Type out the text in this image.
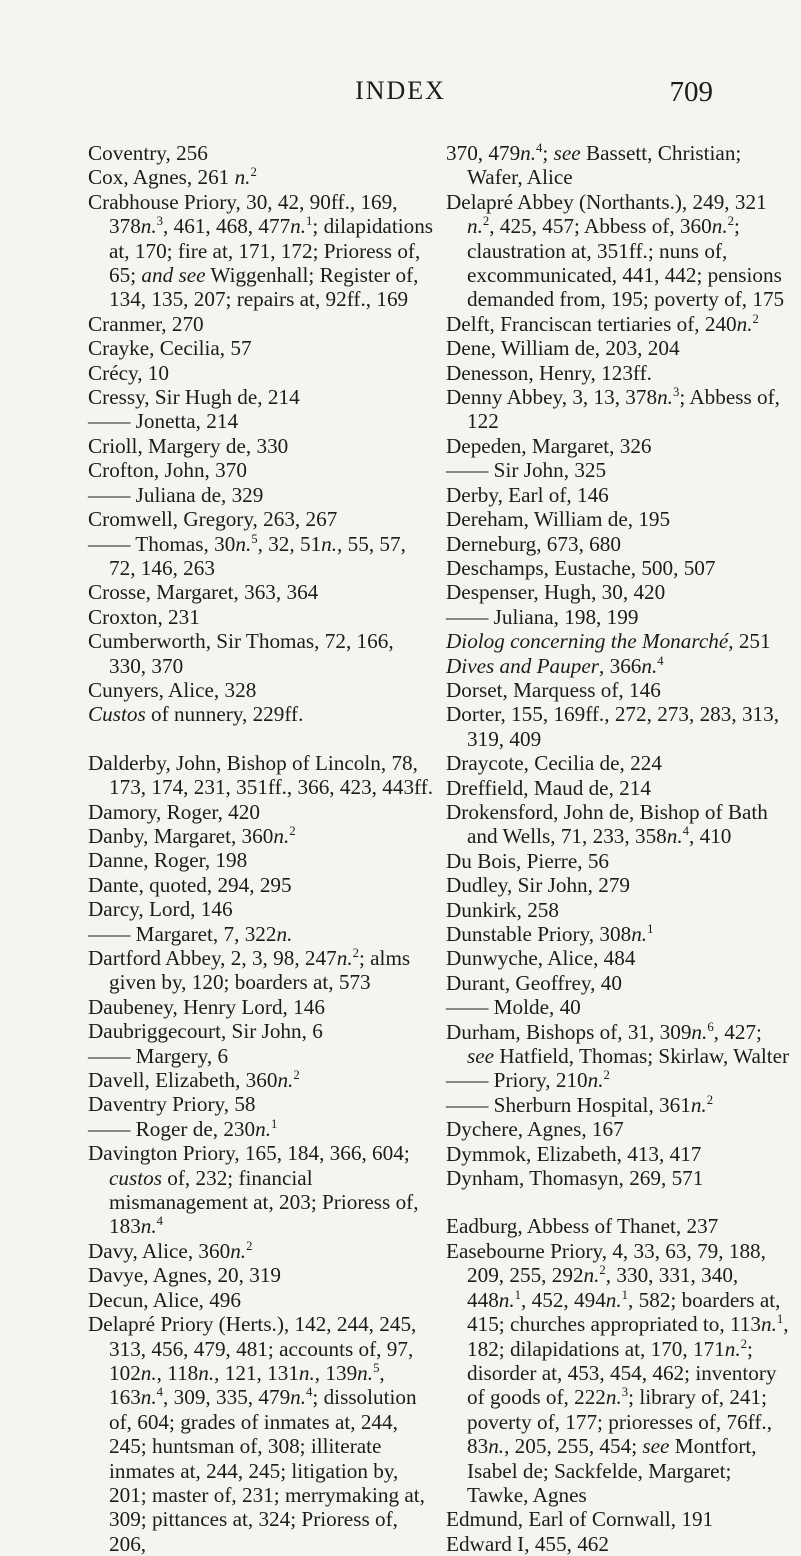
INDEX	709
Coventry, 256
Cox, Agnes, 261 n.$^2$
Crabhouse Priory, 30, 42, 90ff., 169, 378n.$^3$, 461, 468, 477n.$^1$; dilapidations at, 170; fire at, 171, 172; Prioress of, 65; and see Wiggenhall; Register of, 134, 135, 207; repairs at, 92ff., 169
Cranmer, 270
Crayke, Cecilia, 57
Crécy, 10
Cressy, Sir Hugh de, 214
—— Jonetta, 214
Crioll, Margery de, 330
Crofton, John, 370
—— Juliana de, 329
Cromwell, Gregory, 263, 267
—— Thomas, 30n.$^5$, 32, 51n., 55, 57, 72, 146, 263
Crosse, Margaret, 363, 364
Croxton, 231
Cumberworth, Sir Thomas, 72, 166, 330, 370
Cunyers, Alice, 328
Custos of nunnery, 229ff.
Dalderby, John, Bishop of Lincoln, 78, 173, 174, 231, 351ff., 366, 423, 443ff.
Damory, Roger, 420
Danby, Margaret, 360n.$^2$
Danne, Roger, 198
Dante, quoted, 294, 295
Darcy, Lord, 146
—— Margaret, 7, 322n.
Dartford Abbey, 2, 3, 98, 247n.$^2$; alms given by, 120; boarders at, 573
Daubeney, Henry Lord, 146
Daubriggecourt, Sir John, 6
—— Margery, 6
Davell, Elizabeth, 360n.$^2$
Daventry Priory, 58
—— Roger de, 230n.$^1$
Davington Priory, 165, 184, 366, 604; custos of, 232; financial mismanagement at, 203; Prioress of, 183n.$^4$
Davy, Alice, 360n.$^2$
Davye, Agnes, 20, 319
Decun, Alice, 496
Delapré Priory (Herts.), 142, 244, 245, 313, 456, 479, 481; accounts of, 97, 102n., 118n., 121, 131n., 139n.$^5$, 163n.$^4$, 309, 335, 479n.$^4$; dissolution of, 604; grades of inmates at, 244, 245; huntsman of, 308; illiterate inmates at, 244, 245; litigation by, 201; master of, 231; merrymaking at, 309; pittances at, 324; Prioress of, 206,
370, 479n.$^4$; see Bassett, Christian; Wafer, Alice
Delapré Abbey (Northants.), 249, 321 n.$^2$, 425, 457; Abbess of, 360n.$^2$; claustration at, 351ff.; nuns of, excommunicated, 441, 442; pensions demanded from, 195; poverty of, 175
Delft, Franciscan tertiaries of, 240n.$^2$
Dene, William de, 203, 204
Denesson, Henry, 123ff.
Denny Abbey, 3, 13, 378n.$^3$; Abbess of, 122
Depeden, Margaret, 326
—— Sir John, 325
Derby, Earl of, 146
Dereham, William de, 195
Derneburg, 673, 680
Deschamps, Eustache, 500, 507
Despenser, Hugh, 30, 420
—— Juliana, 198, 199
Diolog concerning the Monarché, 251
Dives and Pauper, 366n.$^4$
Dorset, Marquess of, 146
Dorter, 155, 169ff., 272, 273, 283, 313, 319, 409
Draycote, Cecilia de, 224
Dreffield, Maud de, 214
Drokensford, John de, Bishop of Bath and Wells, 71, 233, 358n.$^4$, 410
Du Bois, Pierre, 56
Dudley, Sir John, 279
Dunkirk, 258
Dunstable Priory, 308n.$^1$
Dunwyche, Alice, 484
Durant, Geoffrey, 40
—— Molde, 40
Durham, Bishops of, 31, 309n.$^6$, 427; see Hatfield, Thomas; Skirlaw, Walter
—— Priory, 210n.$^2$
—— Sherburn Hospital, 361n.$^2$
Dychere, Agnes, 167
Dymmok, Elizabeth, 413, 417
Dynham, Thomasyn, 269, 571
Eadburg, Abbess of Thanet, 237
Easebourne Priory, 4, 33, 63, 79, 188, 209, 255, 292n.$^2$, 330, 331, 340, 448n.$^1$, 452, 494n.$^1$, 582; boarders at, 415; churches appropriated to, 113n.$^1$, 182; dilapidations at, 170, 171n.$^2$; disorder at, 453, 454, 462; inventory of goods of, 222n.$^3$; library of, 241; poverty of, 177; prioresses of, 76ff., 83n., 205, 255, 454; see Montfort, Isabel de; Sackfelde, Margaret; Tawke, Agnes
Edmund, Earl of Cornwall, 191
Edward I, 455, 462
